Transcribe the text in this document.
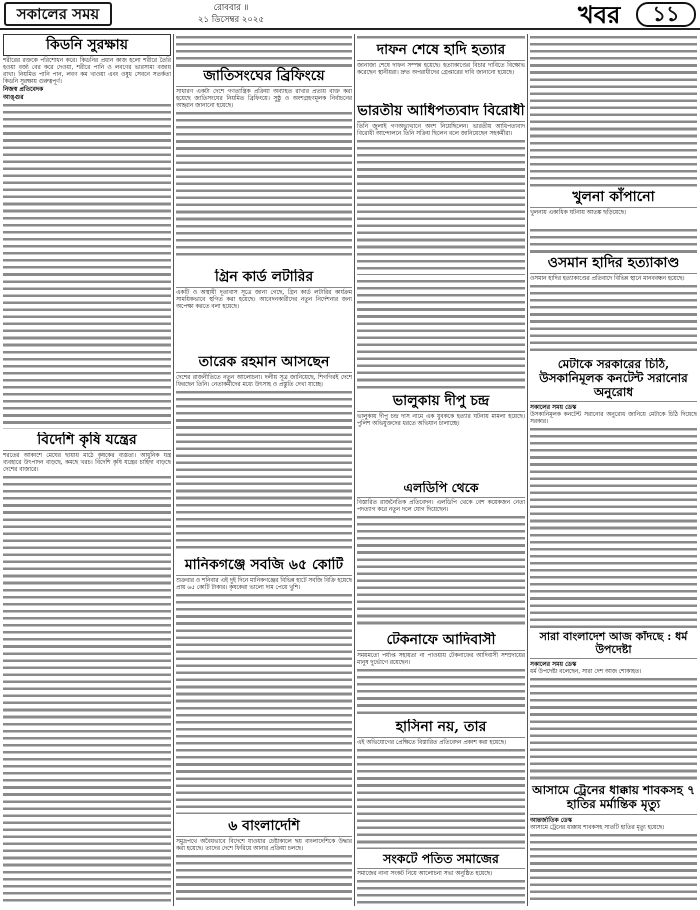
সকালের সময়	রোববার ॥
২১ ডিসেম্বর ২০২৫	খবর	১১
কিডনি সুরক্ষায়
শরীরের রক্তকে পরিশোধন করে। কিডনির প্রধান কাজ হলো শরীরে তৈরি হওয়া বর্জ্য বের করে দেওয়া, শরীরে পানি ও লবণের ভারসাম্য বজায় রাখা। নিয়মিত পানি পান, লবণ কম খাওয়া এবং ওষুধ সেবনে সতর্কতা কিডনি সুরক্ষায় গুরুত্বপূর্ণ।
নিজস্ব প্রতিবেদক
আঙ্গুর
বিদেশি কৃষি যন্ত্রের
শরতের আকাশে মেঘের ছায়ায় মাঠে কৃষকের ব্যস্ততা। আধুনিক যন্ত্র ব্যবহারে উৎপাদন বাড়ছে, কমছে খরচ। বিদেশি কৃষি যন্ত্রের চাহিদা বাড়ছে দেশের বাজারে।
জাতিসংঘের ব্রিফিংয়ে
সাধারণ একটা দেশে গণতান্ত্রিক প্রক্রিয়া অব্যাহত রাখার প্রত্যয় ব্যক্ত করা হয়েছে জাতিসংঘের নিয়মিত ব্রিফিংয়ে। সুষ্ঠু ও অংশগ্রহণমূলক নির্বাচনের আহ্বান জানানো হয়েছে।
গ্রিন কার্ড লটারির
একটি ও অস্থায়ী দূতাবাস সূত্রে জানা গেছে, গ্রিন কার্ড লটারির কার্যক্রম সাময়িকভাবে স্থগিত করা হয়েছে। আবেদনকারীদের নতুন নির্দেশনার জন্য অপেক্ষা করতে বলা হয়েছে।
তারেক রহমান আসছেন
দেশের রাজনীতিতে নতুন আলোচনা। দলীয় সূত্র জানিয়েছে, শিগগিরই দেশে ফিরছেন তিনি। নেতাকর্মীদের মধ্যে উৎসাহ ও প্রস্তুতি দেখা যাচ্ছে।
মানিকগঞ্জে সবজি ৬৫ কোটি
শুক্রবার ও শনিবার এই দুই দিনে মানিকগঞ্জের বিভিন্ন হাটে সবজি বিক্রি হয়েছে প্রায় ৬৫ কোটি টাকার। কৃষকেরা ভালো দাম পেয়ে খুশি।
৬ বাংলাদেশি
সমুদ্রপথে অবৈধভাবে বিদেশে যাওয়ার চেষ্টাকালে ছয় বাংলাদেশিকে উদ্ধার করা হয়েছে। তাদের দেশে ফিরিয়ে আনার প্রক্রিয়া চলছে।
দাফন শেষে হাদি হত্যার
জানাজা শেষে দাফন সম্পন্ন হয়েছে। হত্যাকাণ্ডের বিচার দাবিতে বিক্ষোভ করেছেন স্থানীয়রা। দ্রুত অপরাধীদের গ্রেপ্তারের দাবি জানানো হয়েছে।
ভারতীয় আধিপত্যবাদ বিরোধী
তিনি জুলাই গণঅভ্যুত্থানে অংশ নিয়েছিলেন। ভারতীয় আধিপত্যবাদ বিরোধী আন্দোলনে তিনি সক্রিয় ছিলেন বলে জানিয়েছেন সহকর্মীরা।
ভালুকায় দীপু চন্দ্র
ভালুকায় দীপু চন্দ্র দাস নামে এক যুবককে হত্যার ঘটনায় মামলা হয়েছে। পুলিশ অভিযুক্তদের ধরতে অভিযান চালাচ্ছে।
এলডিপি থেকে
বিস্তারিত রাজনৈতিক প্রতিবেদন। এলডিপি থেকে বেশ কয়েকজন নেতা পদত্যাগ করে নতুন দলে যোগ দিয়েছেন।
টেকনাফে আদিবাসী
সময়মতো পর্যাপ্ত সহায়তা না পাওয়ায় টেকনাফের আদিবাসী সম্প্রদায়ের মানুষ দুর্ভোগে রয়েছেন।
হাসিনা নয়, তার
এই অভিযোগের প্রেক্ষিতে বিস্তারিত প্রতিবেদন প্রকাশ করা হয়েছে।
সংকটে পতিত সমাজের
সমাজের নানা সংকট নিয়ে আলোচনা সভা অনুষ্ঠিত হয়েছে।
খুলনা কাঁপানো
খুলনায় একাধিক ঘটনায় আতঙ্ক ছড়িয়েছে।
ওসমান হাদির হত্যাকাণ্ড
ওসমান হাদির হত্যাকাণ্ডের প্রতিবাদে বিভিন্ন স্থানে মানববন্ধন হয়েছে।
মেটাকে সরকারের চিঠি, উসকানিমূলক কনটেন্ট সরানোর অনুরোধ
সকালের সময় ডেস্ক
উসকানিমূলক কনটেন্ট সরানোর অনুরোধ জানিয়ে মেটাকে চিঠি দিয়েছে সরকার।
সারা বাংলাদেশ আজ কাঁদছে : ধর্ম উপদেষ্টা
সকালের সময় ডেস্ক
ধর্ম উপদেষ্টা বলেছেন, সারা দেশ আজ শোকাহত।
আসামে ট্রেনের ধাক্কায় শাবকসহ ৭ হাতির মর্মান্তিক মৃত্যু
আন্তর্জাতিক ডেস্ক
আসামে ট্রেনের ধাক্কায় শাবকসহ সাতটি হাতির মৃত্যু হয়েছে।
